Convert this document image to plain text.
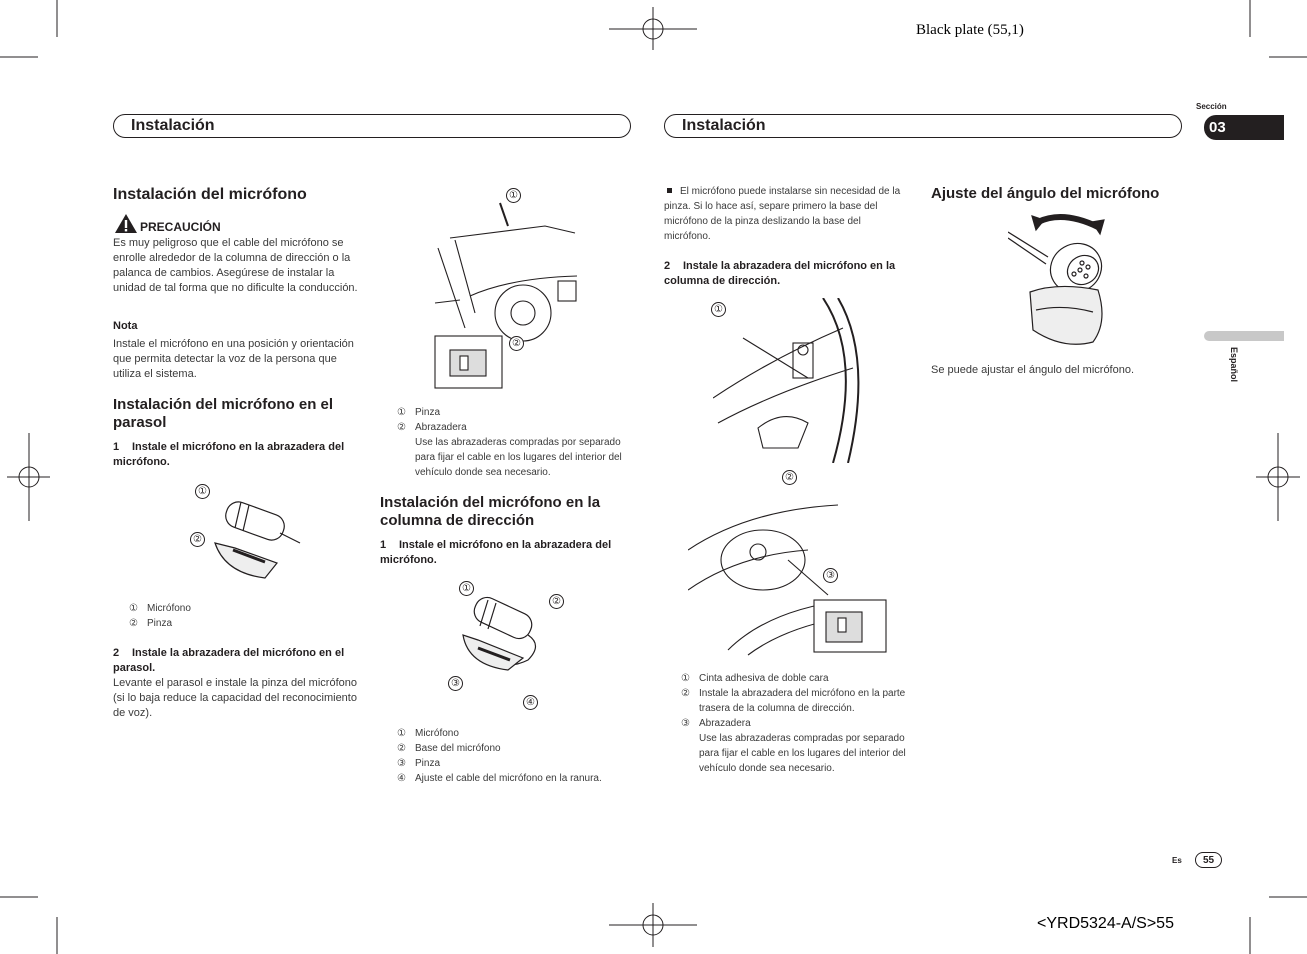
Black plate (55,1)
<YRD5324-A/S>55
Instalación	Instalación
Sección
03
Español
Instalación del micrófono
PRECAUCIÓN
Es muy peligroso que el cable del micrófono se enrolle alrededor de la columna de dirección o la palanca de cambios. Asegúrese de instalar la unidad de tal forma que no dificulte la conducción.
Nota
Instale el micrófono en una posición y orientación que permita detectar la voz de la persona que utiliza el sistema.
Instalación del micrófono en el parasol
1 Instale el micrófono en la abrazadera del micrófono.
①
②
① Micrófono
② Pinza
2 Instale la abrazadera del micrófono en el parasol.
Levante el parasol e instale la pinza del micrófono (si lo baja reduce la capacidad del reconocimiento de voz).
①
②
① Pinza
② Abrazadera
Use las abrazaderas compradas por separado para fijar el cable en los lugares del interior del vehículo donde sea necesario.
Instalación del micrófono en la columna de dirección
1 Instale el micrófono en la abrazadera del micrófono.
①
②
③
④
① Micrófono
② Base del micrófono
③ Pinza
④ Ajuste el cable del micrófono en la ranura.
El micrófono puede instalarse sin necesidad de la pinza. Si lo hace así, separe primero la base del micrófono de la pinza deslizando la base del micrófono.
2 Instale la abrazadera del micrófono en la columna de dirección.
①
②
③
① Cinta adhesiva de doble cara
② Instale la abrazadera del micrófono en la parte trasera de la columna de dirección.
③ Abrazadera
Use las abrazaderas compradas por separado para fijar el cable en los lugares del interior del vehículo donde sea necesario.
Ajuste del ángulo del micrófono
Se puede ajustar el ángulo del micrófono.
Es	55
